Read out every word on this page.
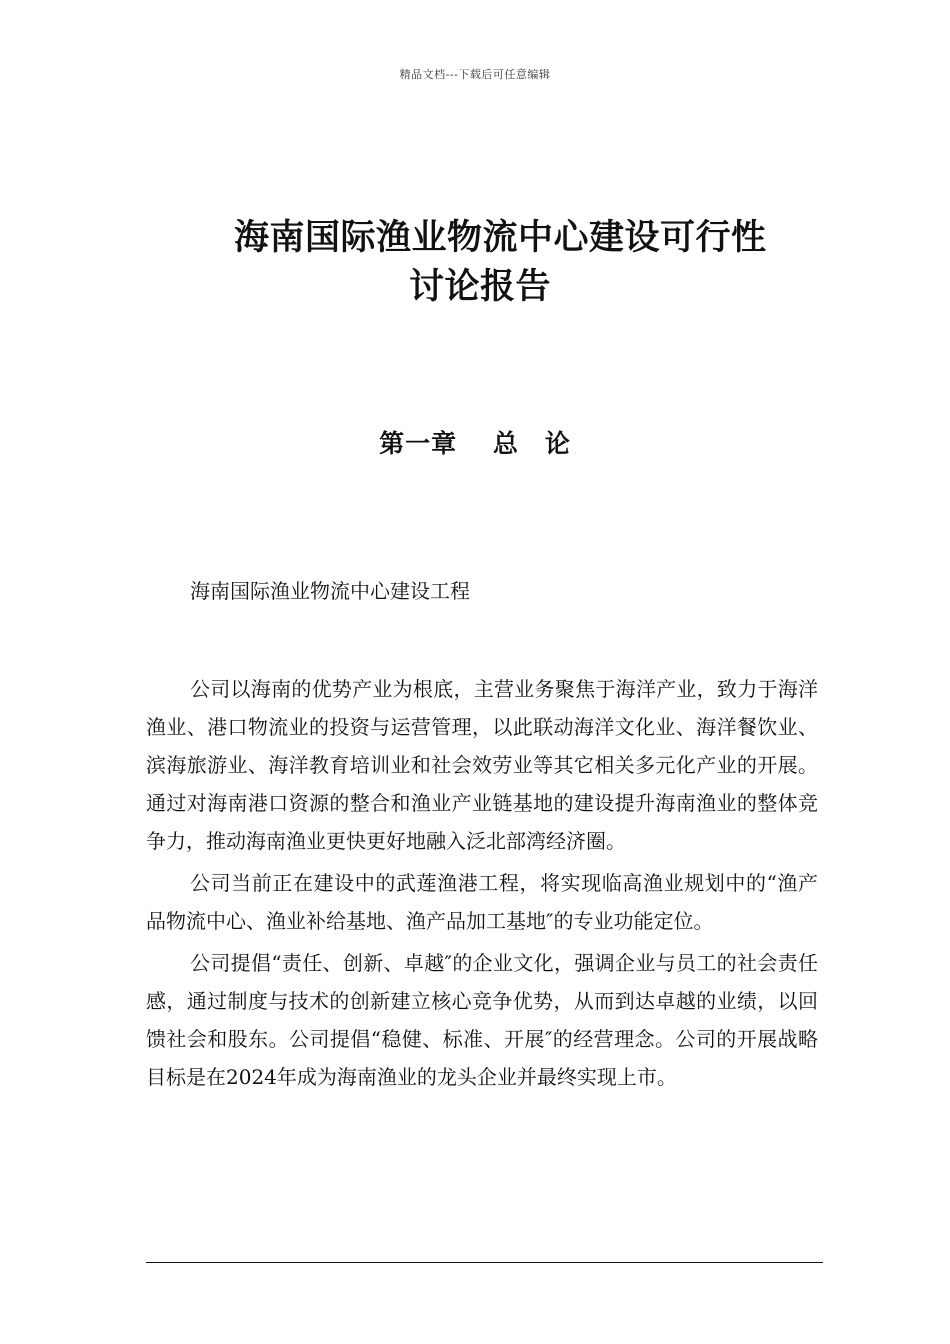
精品文档---下载后可任意编辑
海南国际渔业物流中心建设可行性
讨论报告
第一章　 总　论
海南国际渔业物流中心建设工程

公司以海南的优势产业为根底，主营业务聚焦于海洋产业，致力于海洋渔业、港口物流业的投资与运营管理，以此联动海洋文化业、海洋餐饮业、滨海旅游业、海洋教育培训业和社会效劳业等其它相关多元化产业的开展。通过对海南港口资源的整合和渔业产业链基地的建设提升海南渔业的整体竞争力，推动海南渔业更快更好地融入泛北部湾经济圈。

公司当前正在建设中的武莲渔港工程，将实现临高渔业规划中的“渔产品物流中心、渔业补给基地、渔产品加工基地″的专业功能定位。

公司提倡“责任、创新、卓越″的企业文化，强调企业与员工的社会责任感，通过制度与技术的创新建立核心竞争优势，从而到达卓越的业绩，以回馈社会和股东。公司提倡“稳健、标准、开展″的经营理念。公司的开展战略目标是在2024年成为海南渔业的龙头企业并最终实现上市。
